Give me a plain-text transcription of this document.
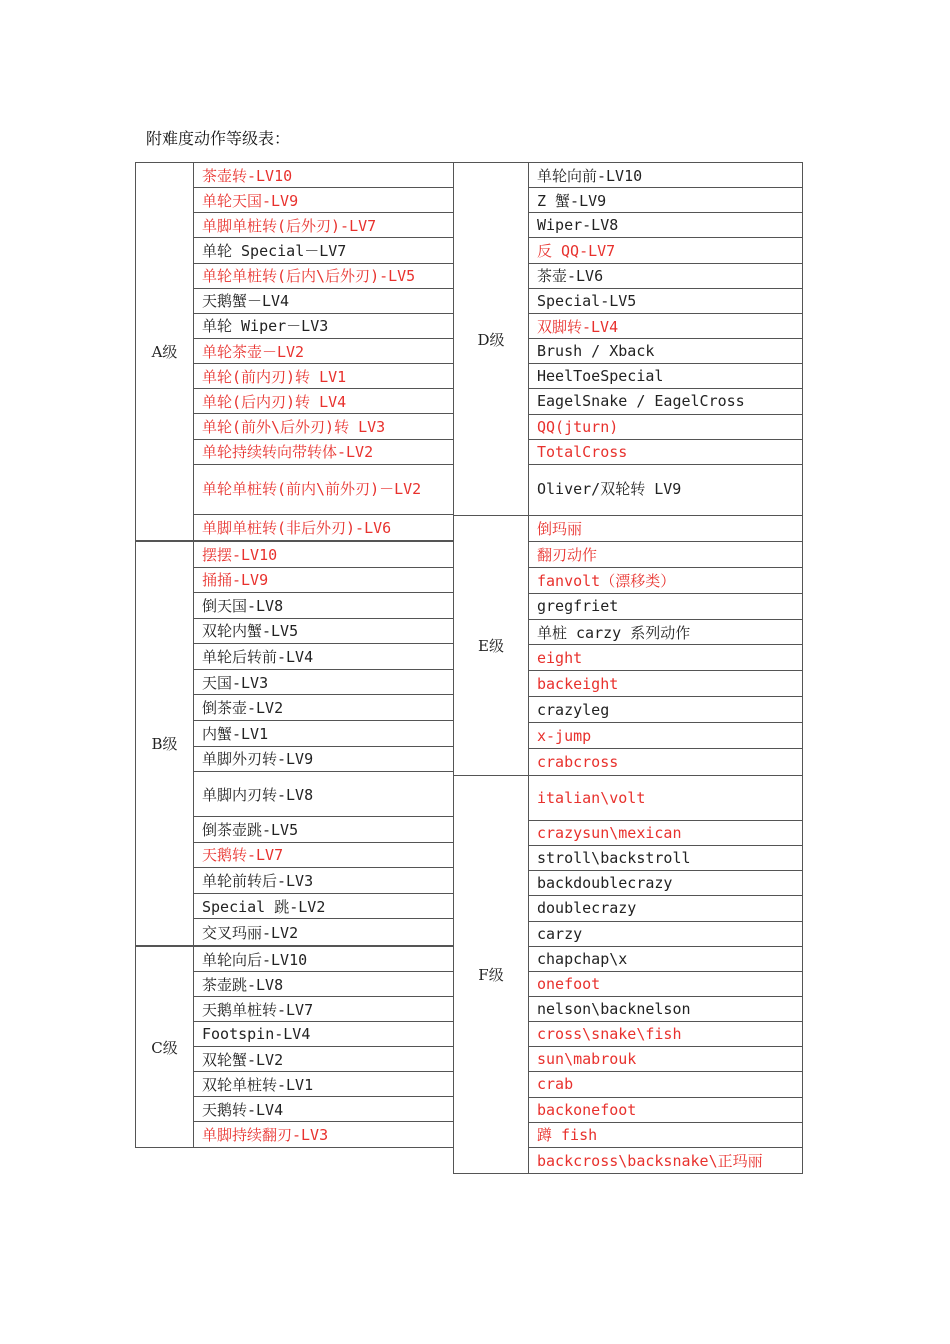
附难度动作等级表：
A级
茶壶转-LV10
单轮天国-LV9
单脚单桩转(后外刃)-LV7
单轮 Special－LV7
单轮单桩转(后内\后外刃)-LV5
天鹅蟹－LV4
单轮 Wiper－LV3
单轮茶壶－LV2
单轮(前内刃)转 LV1
单轮(后内刃)转 LV4
单轮(前外\后外刃)转 LV3
单轮持续转向带转体-LV2
单轮单桩转(前内\前外刃)－LV2
单脚单桩转(非后外刃)-LV6
B级
摆摆-LV10
捅捅-LV9
倒天国-LV8
双轮内蟹-LV5
单轮后转前-LV4
天国-LV3
倒茶壶-LV2
内蟹-LV1
单脚外刃转-LV9
单脚内刃转-LV8
倒茶壶跳-LV5
天鹅转-LV7
单轮前转后-LV3
Special 跳-LV2
交叉玛丽-LV2
C级
单轮向后-LV10
茶壶跳-LV8
天鹅单桩转-LV7
Footspin-LV4
双轮蟹-LV2
双轮单桩转-LV1
天鹅转-LV4
单脚持续翻刃-LV3
D级
单轮向前-LV10
Z 蟹-LV9
Wiper-LV8
反 QQ-LV7
茶壶-LV6
Special-LV5
双脚转-LV4
Brush / Xback
HeelToeSpecial
EagelSnake / EagelCross
QQ(jturn)
TotalCross
Oliver/双轮转 LV9
E级
倒玛丽
翻刃动作
fanvolt（漂移类）
gregfriet
单桩 carzy 系列动作
eight
backeight
crazyleg
x-jump
crabcross
F级
italian\volt
crazysun\mexican
stroll\backstroll
backdoublecrazy
doublecrazy
carzy
chapchap\x
onefoot
nelson\backnelson
cross\snake\fish
sun\mabrouk
crab
backonefoot
蹲 fish
backcross\backsnake\正玛丽
